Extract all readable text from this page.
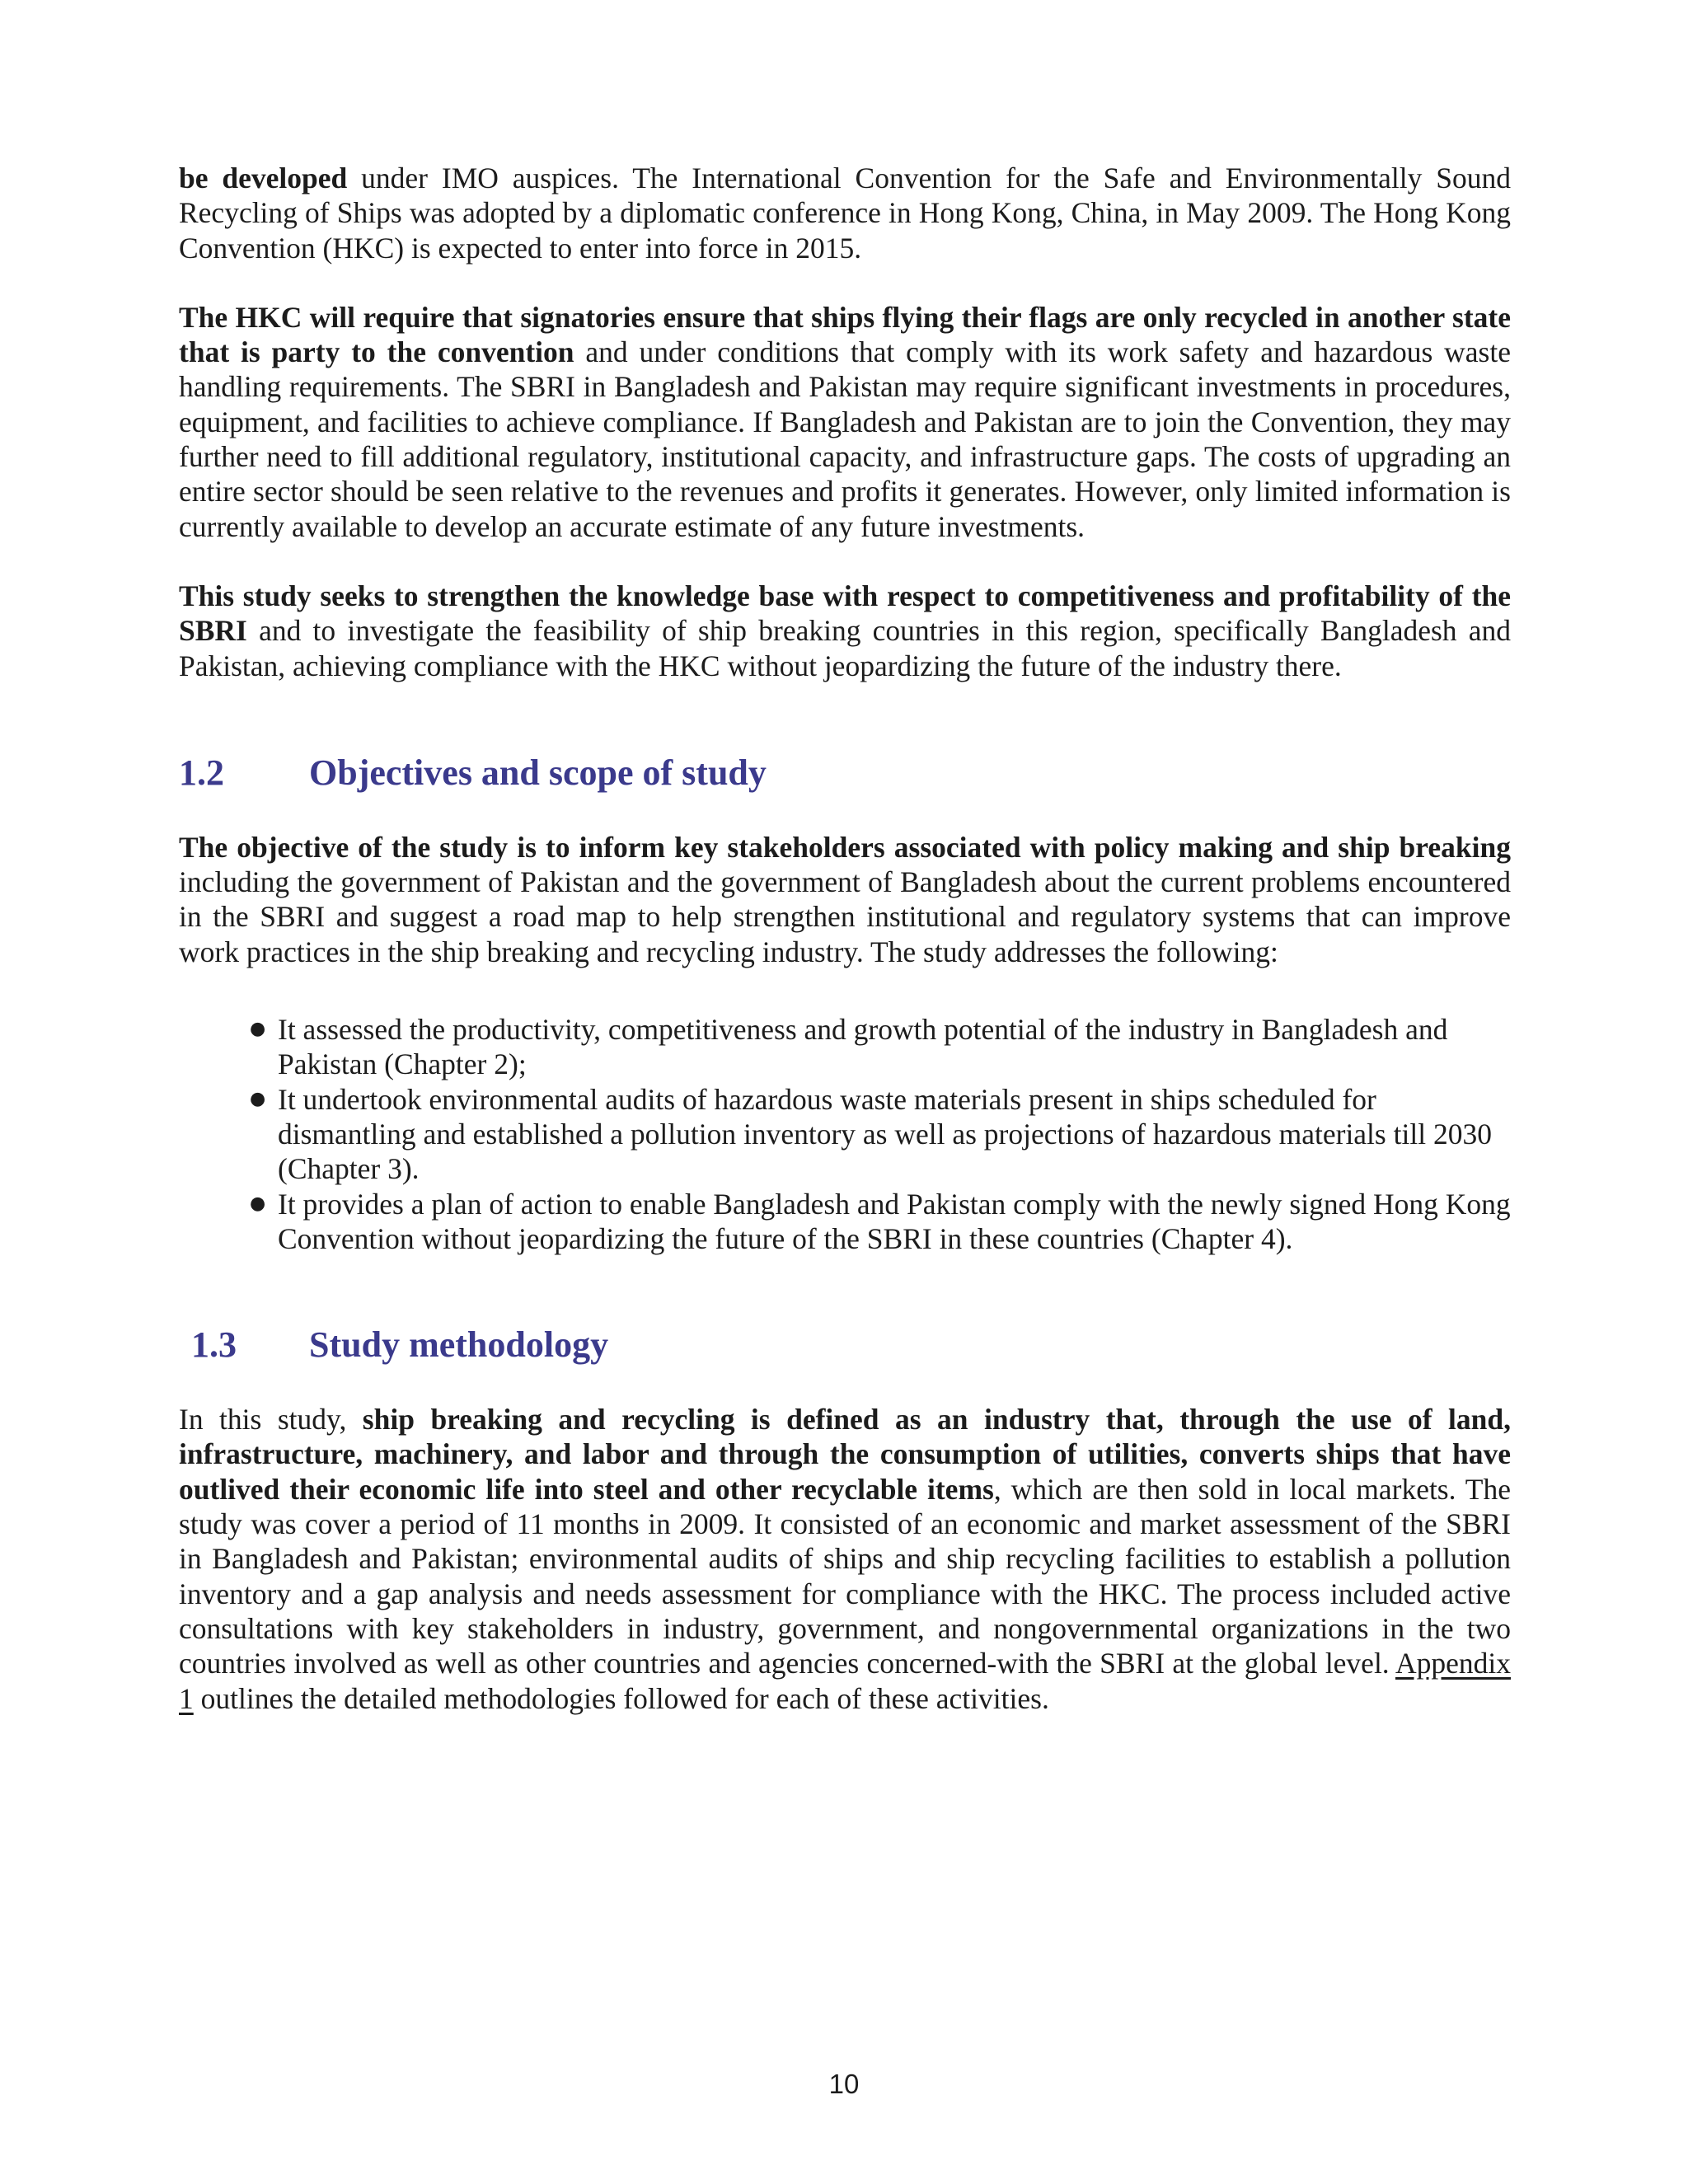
be developed under IMO auspices. The International Convention for the Safe and Environmentally Sound Recycling of Ships was adopted by a diplomatic conference in Hong Kong, China, in May 2009. The Hong Kong Convention (HKC) is expected to enter into force in 2015.

The HKC will require that signatories ensure that ships flying their flags are only recycled in another state that is party to the convention and under conditions that comply with its work safety and hazardous waste handling requirements. The SBRI in Bangladesh and Pakistan may require significant investments in procedures, equipment, and facilities to achieve compliance. If Bangladesh and Pakistan are to join the Convention, they may further need to fill additional regulatory, institutional capacity, and infrastructure gaps. The costs of upgrading an entire sector should be seen relative to the revenues and profits it generates. However, only limited information is currently available to develop an accurate estimate of any future investments.

This study seeks to strengthen the knowledge base with respect to competitiveness and profitability of the SBRI and to investigate the feasibility of ship breaking countries in this region, specifically Bangladesh and Pakistan, achieving compliance with the HKC without jeopardizing the future of the industry there.

1.2 Objectives and scope of study

The objective of the study is to inform key stakeholders associated with policy making and ship breaking including the government of Pakistan and the government of Bangladesh about the current problems encountered in the SBRI and suggest a road map to help strengthen institutional and regulatory systems that can improve work practices in the ship breaking and recycling industry. The study addresses the following:

● It assessed the productivity, competitiveness and growth potential of the industry in Bangladesh and Pakistan (Chapter 2);
● It undertook environmental audits of hazardous waste materials present in ships scheduled for dismantling and established a pollution inventory as well as projections of hazardous materials till 2030 (Chapter 3).
● It provides a plan of action to enable Bangladesh and Pakistan comply with the newly signed Hong Kong Convention without jeopardizing the future of the SBRI in these countries (Chapter 4).
1.3 Study methodology

In this study, ship breaking and recycling is defined as an industry that, through the use of land, infrastructure, machinery, and labor and through the consumption of utilities, converts ships that have outlived their economic life into steel and other recyclable items, which are then sold in local markets. The study was cover a period of 11 months in 2009. It consisted of an economic and market assessment of the SBRI in Bangladesh and Pakistan; environmental audits of ships and ship recycling facilities to establish a pollution inventory and a gap analysis and needs assessment for compliance with the HKC. The process included active consultations with key stakeholders in industry, government, and nongovernmental organizations in the two countries involved as well as other countries and agencies concerned-with the SBRI at the global level. Appendix 1 outlines the detailed methodologies followed for each of these activities.

10
